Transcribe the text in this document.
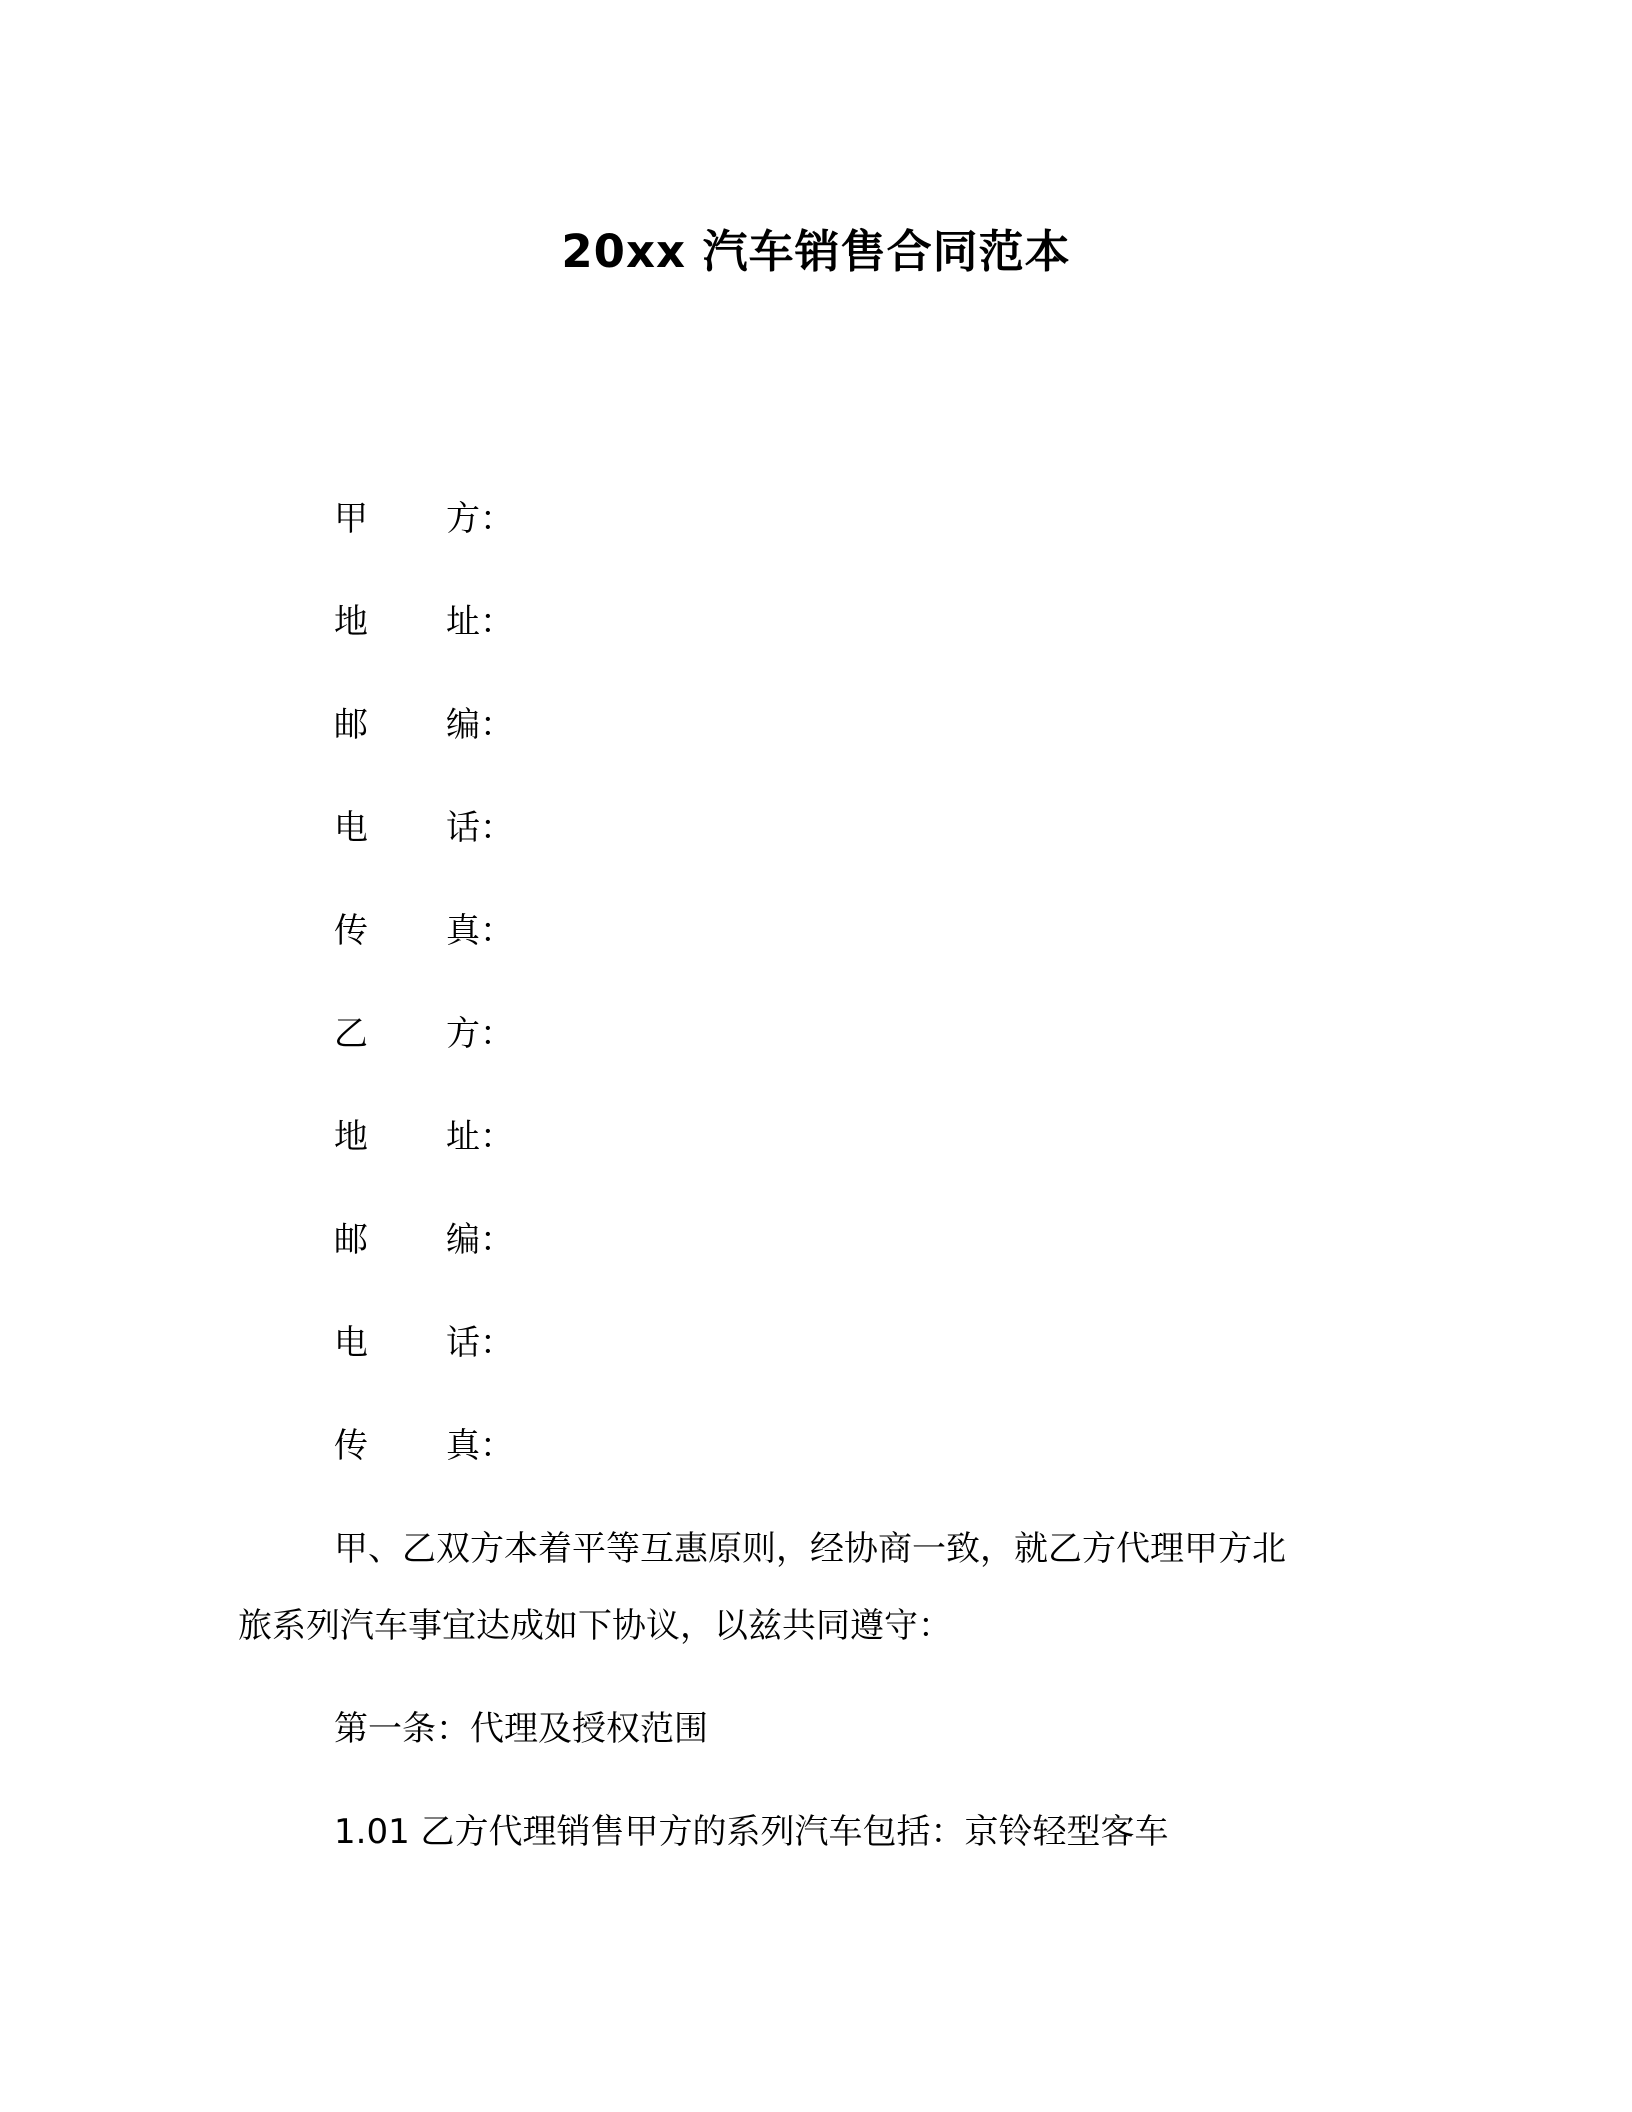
20xx 汽车销售合同范本
甲 方 ：
地 址 ：
邮 编 ：
电 话 ：
传 真 ：
乙 方 ：
地 址 ：
邮 编 ：
电 话 ：
传 真 ：
甲、乙双方本着平等互惠原则，经协商一致，就乙方代理甲方北
旅系列汽车事宜达成如下协议，以兹共同遵守：
第一条：代理及授权范围
1.01 乙方代理销售甲方的系列汽车包括：京铃轻型客车
